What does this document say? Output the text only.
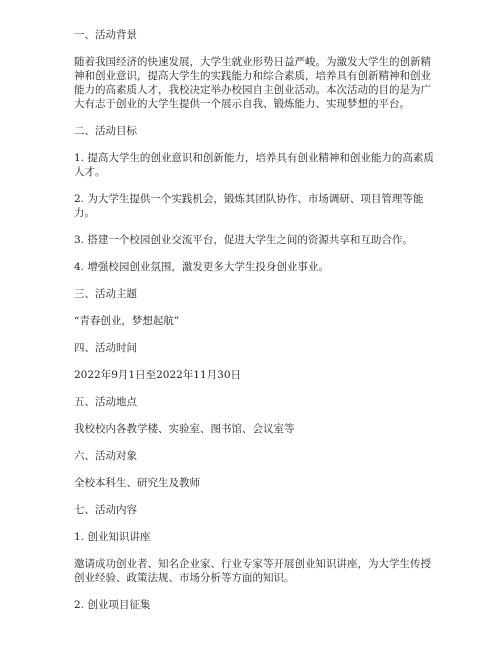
一、活动背景

随着我国经济的快速发展，大学生就业形势日益严峻。为激发大学生的创新精神和创业意识，提高大学生的实践能力和综合素质，培养具有创新精神和创业能力的高素质人才，我校决定举办校园自主创业活动。本次活动的目的是为广大有志于创业的大学生提供一个展示自我、锻炼能力、实现梦想的平台。

二、活动目标

1. 提高大学生的创业意识和创新能力，培养具有创业精神和创业能力的高素质人才。

2. 为大学生提供一个实践机会，锻炼其团队协作、市场调研、项目管理等能力。

3. 搭建一个校园创业交流平台，促进大学生之间的资源共享和互助合作。

4. 增强校园创业氛围，激发更多大学生投身创业事业。

三、活动主题

“青春创业，梦想起航”

四、活动时间

2022年9月1日至2022年11月30日

五、活动地点

我校校内各教学楼、实验室、图书馆、会议室等

六、活动对象

全校本科生、研究生及教师

七、活动内容

1. 创业知识讲座

邀请成功创业者、知名企业家、行业专家等开展创业知识讲座，为大学生传授创业经验、政策法规、市场分析等方面的知识。

2. 创业项目征集
